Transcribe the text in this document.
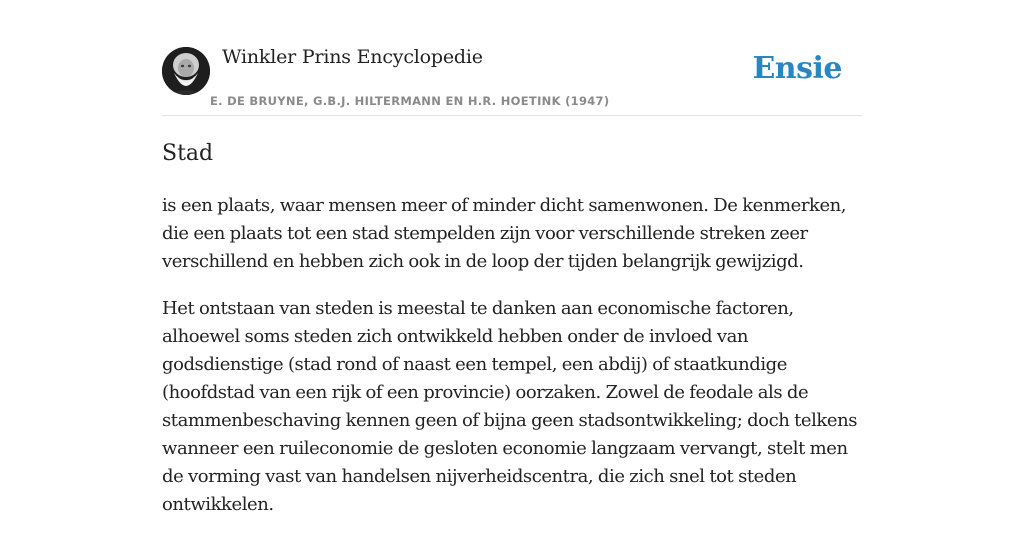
Winkler Prins Encyclopedie
E. DE BRUYNE, G.B.J. HILTERMANN EN H.R. HOETINK (1947)
Ensie
Stad

is een plaats, waar mensen meer of minder dicht samenwonen. De kenmerken, die een plaats tot een stad stempelden zijn voor verschillende streken zeer verschillend en hebben zich ook in de loop der tijden belangrijk gewijzigd.

Het ontstaan van steden is meestal te danken aan economische factoren, alhoewel soms steden zich ontwikkeld hebben onder de invloed van godsdienstige (stad rond of naast een tempel, een abdij) of staatkundige (hoofdstad van een rijk of een provincie) oorzaken. Zowel de feodale als de stammenbeschaving kennen geen of bijna geen stadsontwikkeling; doch telkens wanneer een ruileconomie de gesloten economie langzaam vervangt, stelt men de vorming vast van handelsen nijverheidscentra, die zich snel tot steden ontwikkelen.
